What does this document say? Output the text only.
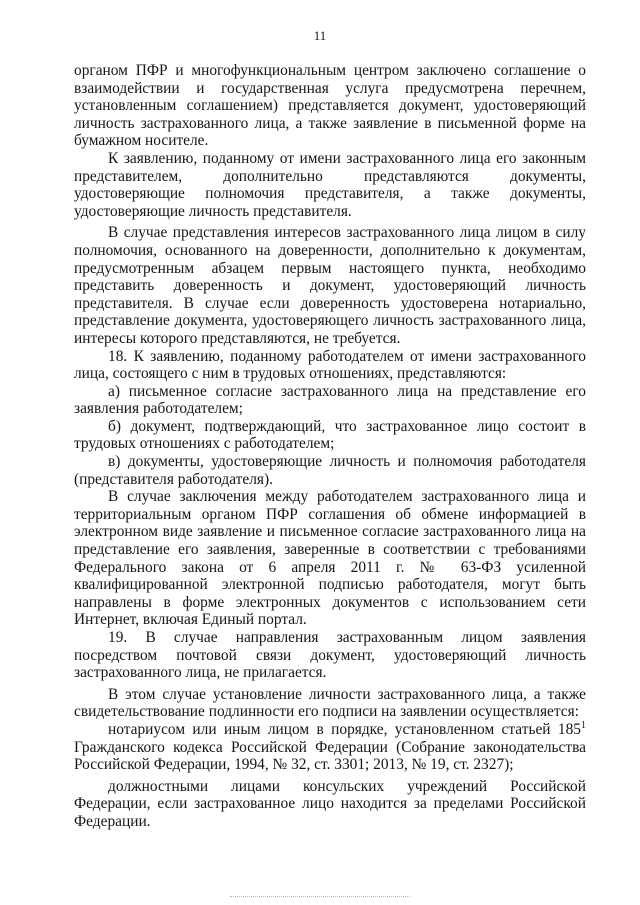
11

органом ПФР и многофункциональным центром заключено соглашение о взаимодействии и государственная услуга предусмотрена перечнем, установленным соглашением) представляется документ, удостоверяющий личность застрахованного лица, а также заявление в письменной форме на бумажном носителе.

К заявлению, поданному от имени застрахованного лица его законным представителем, дополнительно представляются документы, удостоверяющие полномочия представителя, а также документы, удостоверяющие личность представителя.

В случае представления интересов застрахованного лица лицом в силу полномочия, основанного на доверенности, дополнительно к документам, предусмотренным абзацем первым настоящего пункта, необходимо представить доверенность и документ, удостоверяющий личность представителя. В случае если доверенность удостоверена нотариально, представление документа, удостоверяющего личность застрахованного лица, интересы которого представляются, не требуется.

18. К заявлению, поданному работодателем от имени застрахованного лица, состоящего с ним в трудовых отношениях, представляются:

а) письменное согласие застрахованного лица на представление его заявления работодателем;

б) документ, подтверждающий, что застрахованное лицо состоит в трудовых отношениях с работодателем;

в) документы, удостоверяющие личность и полномочия работодателя (представителя работодателя).

В случае заключения между работодателем застрахованного лица и территориальным органом ПФР соглашения об обмене информацией в электронном виде заявление и письменное согласие застрахованного лица на представление его заявления, заверенные в соответствии с требованиями Федерального закона от 6 апреля 2011 г. № 63-ФЗ усиленной квалифицированной электронной подписью работодателя, могут быть направлены в форме электронных документов с использованием сети Интернет, включая Единый портал.

19. В случае направления застрахованным лицом заявления посредством почтовой связи документ, удостоверяющий личность застрахованного лица, не прилагается.

В этом случае установление личности застрахованного лица, а также свидетельствование подлинности его подписи на заявлении осуществляется:

нотариусом или иным лицом в порядке, установленном статьей $185^1$ Гражданского кодекса Российской Федерации (Собрание законодательства Российской Федерации, 1994, № 32, ст. 3301; 2013, № 19, ст. 2327);

должностными лицами консульских учреждений Российской Федерации, если застрахованное лицо находится за пределами Российской Федерации.
